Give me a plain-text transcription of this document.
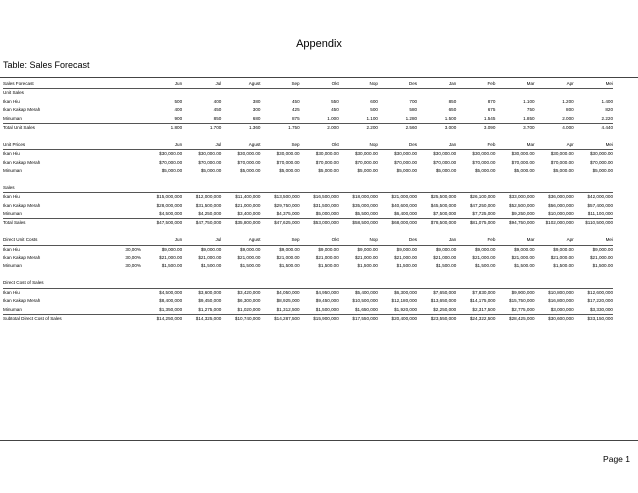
Appendix
Table: Sales Forecast
Sales Forecast		Jun	Jul	Agust	Sep	Okt	Nop	Des	Jan	Feb	Mar	Apr	Mei
Unit Sales													
Ikan Hiu		500	400	380	450	550	600	700	850	870	1.100	1.200	1.400
Ikan Kakap Merah		400	450	300	425	450	500	580	650	675	750	800	820
Minuman		900	850	680	875	1.000	1.100	1.280	1.500	1.545	1.850	2.000	2.220
Total Unit Sales		1.800	1.700	1.360	1.750	2.000	2.200	2.560	3.000	3.090	3.700	4.000	4.440

Unit Prices		Jun	Jul	Agust	Sep	Okt	Nop	Des	Jan	Feb	Mar	Apr	Mei
Ikan Hiu		$30,000.00	$30,000.00	$30,000.00	$30,000.00	$30,000.00	$30,000.00	$30,000.00	$30,000.00	$30,000.00	$30,000.00	$30,000.00	$30,000.00
Ikan Kakap Merah		$70,000.00	$70,000.00	$70,000.00	$70,000.00	$70,000.00	$70,000.00	$70,000.00	$70,000.00	$70,000.00	$70,000.00	$70,000.00	$70,000.00
Minuman		$5,000.00	$5,000.00	$5,000.00	$5,000.00	$5,000.00	$5,000.00	$5,000.00	$5,000.00	$5,000.00	$5,000.00	$5,000.00	$5,000.00

Sales													
Ikan Hiu		$15,000,000	$12,000,000	$11,400,000	$13,500,000	$16,500,000	$18,000,000	$21,000,000	$25,500,000	$26,100,000	$33,000,000	$36,000,000	$42,000,000
Ikan Kakap Merah		$28,000,000	$31,500,000	$21,000,000	$29,750,000	$31,500,000	$35,000,000	$40,600,000	$45,500,000	$47,250,000	$52,500,000	$56,000,000	$57,400,000
Minuman		$4,500,000	$4,250,000	$3,400,000	$4,375,000	$5,000,000	$5,500,000	$6,400,000	$7,500,000	$7,725,000	$9,250,000	$10,000,000	$11,100,000
Total Sales		$47,500,000	$47,750,000	$35,800,000	$47,625,000	$53,000,000	$58,500,000	$68,000,000	$78,500,000	$81,075,000	$94,750,000	$102,000,000	$110,500,000

Direct Unit Costs		Jun	Jul	Agust	Sep	Okt	Nop	Des	Jan	Feb	Mar	Apr	Mei
Ikan Hiu	30,00%	$9,000.00	$9,000.00	$9,000.00	$9,000.00	$9,000.00	$9,000.00	$9,000.00	$9,000.00	$9,000.00	$9,000.00	$9,000.00	$9,000.00
Ikan Kakap Merah	30,00%	$21,000.00	$21,000.00	$21,000.00	$21,000.00	$21,000.00	$21,000.00	$21,000.00	$21,000.00	$21,000.00	$21,000.00	$21,000.00	$21,000.00
Minuman	30,00%	$1,500.00	$1,500.00	$1,500.00	$1,500.00	$1,500.00	$1,500.00	$1,500.00	$1,500.00	$1,500.00	$1,500.00	$1,500.00	$1,500.00

Direct Cost of Sales													
Ikan Hiu		$4,500,000	$3,600,000	$3,420,000	$4,050,000	$4,950,000	$5,400,000	$6,300,000	$7,650,000	$7,830,000	$9,900,000	$10,800,000	$12,600,000
Ikan Kakap Merah		$8,400,000	$9,450,000	$6,300,000	$8,925,000	$9,450,000	$10,500,000	$12,180,000	$13,650,000	$14,175,000	$15,750,000	$16,800,000	$17,220,000
Minuman		$1,350,000	$1,275,000	$1,020,000	$1,312,500	$1,500,000	$1,650,000	$1,920,000	$2,250,000	$2,317,500	$2,775,000	$3,000,000	$3,330,000
Subtotal Direct Cost of Sales		$14,250,000	$14,325,000	$10,740,000	$14,287,500	$15,900,000	$17,550,000	$20,400,000	$23,550,000	$24,322,500	$28,425,000	$30,600,000	$33,150,000
Page 1
